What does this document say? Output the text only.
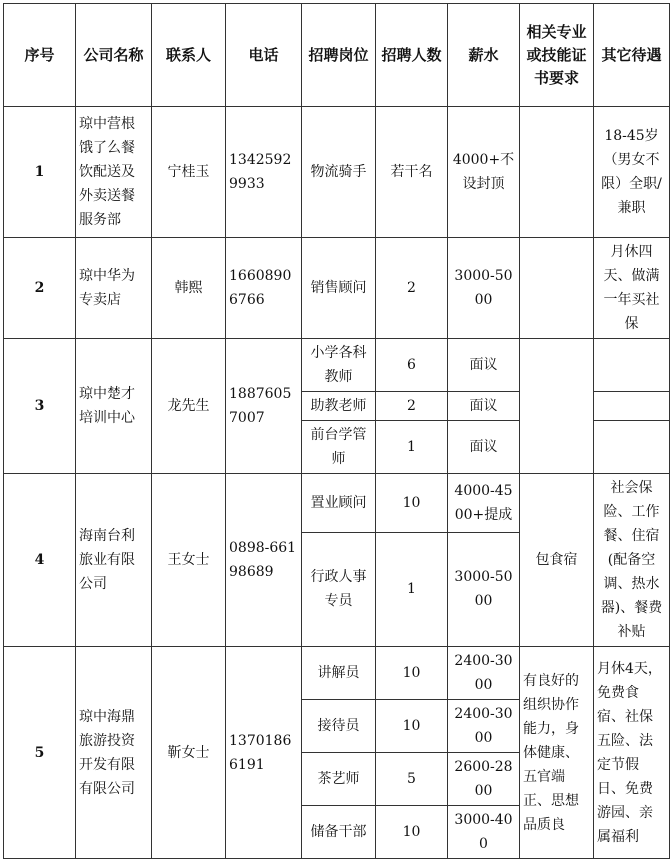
序号	公司名称	联系人	电话	招聘岗位	招聘人数	薪水	相关专业或技能证书要求	其它待遇
1	琼中营根饿了么餐饮配送及外卖送餐服务部	宁桂玉	13425929933	物流骑手	若干名	4000+不设封顶		18-45岁（男女不限）全职/兼职
2	琼中华为专卖店	韩熙	16608906766	销售顾问	2	3000-5000		月休四天、做满一年买社保
3	琼中楚才培训中心	龙先生	18876057007	小学各科教师	6	面议		
				助教老师	2	面议		
				前台学管师	1	面议		
4	海南台利旅业有限公司	王女士	0898-66198689	置业顾问	10	4000-4500+提成	包食宿	社会保险、工作餐、住宿(配备空调、热水器)、餐费补贴
				行政人事专员	1	3000-5000		
5	琼中海鼎旅游投资开发有限有限公司	靳女士	13701866191	讲解员	10	2400-3000	有良好的组织协作能力，身体健康、五官端正、思想品质良	月休4天，免费食宿、社保五险、法定节假日、免费游园、亲属福利
				接待员	10	2400-3000		
				茶艺师	5	2600-2800		
				储备干部	10	3000-400		
